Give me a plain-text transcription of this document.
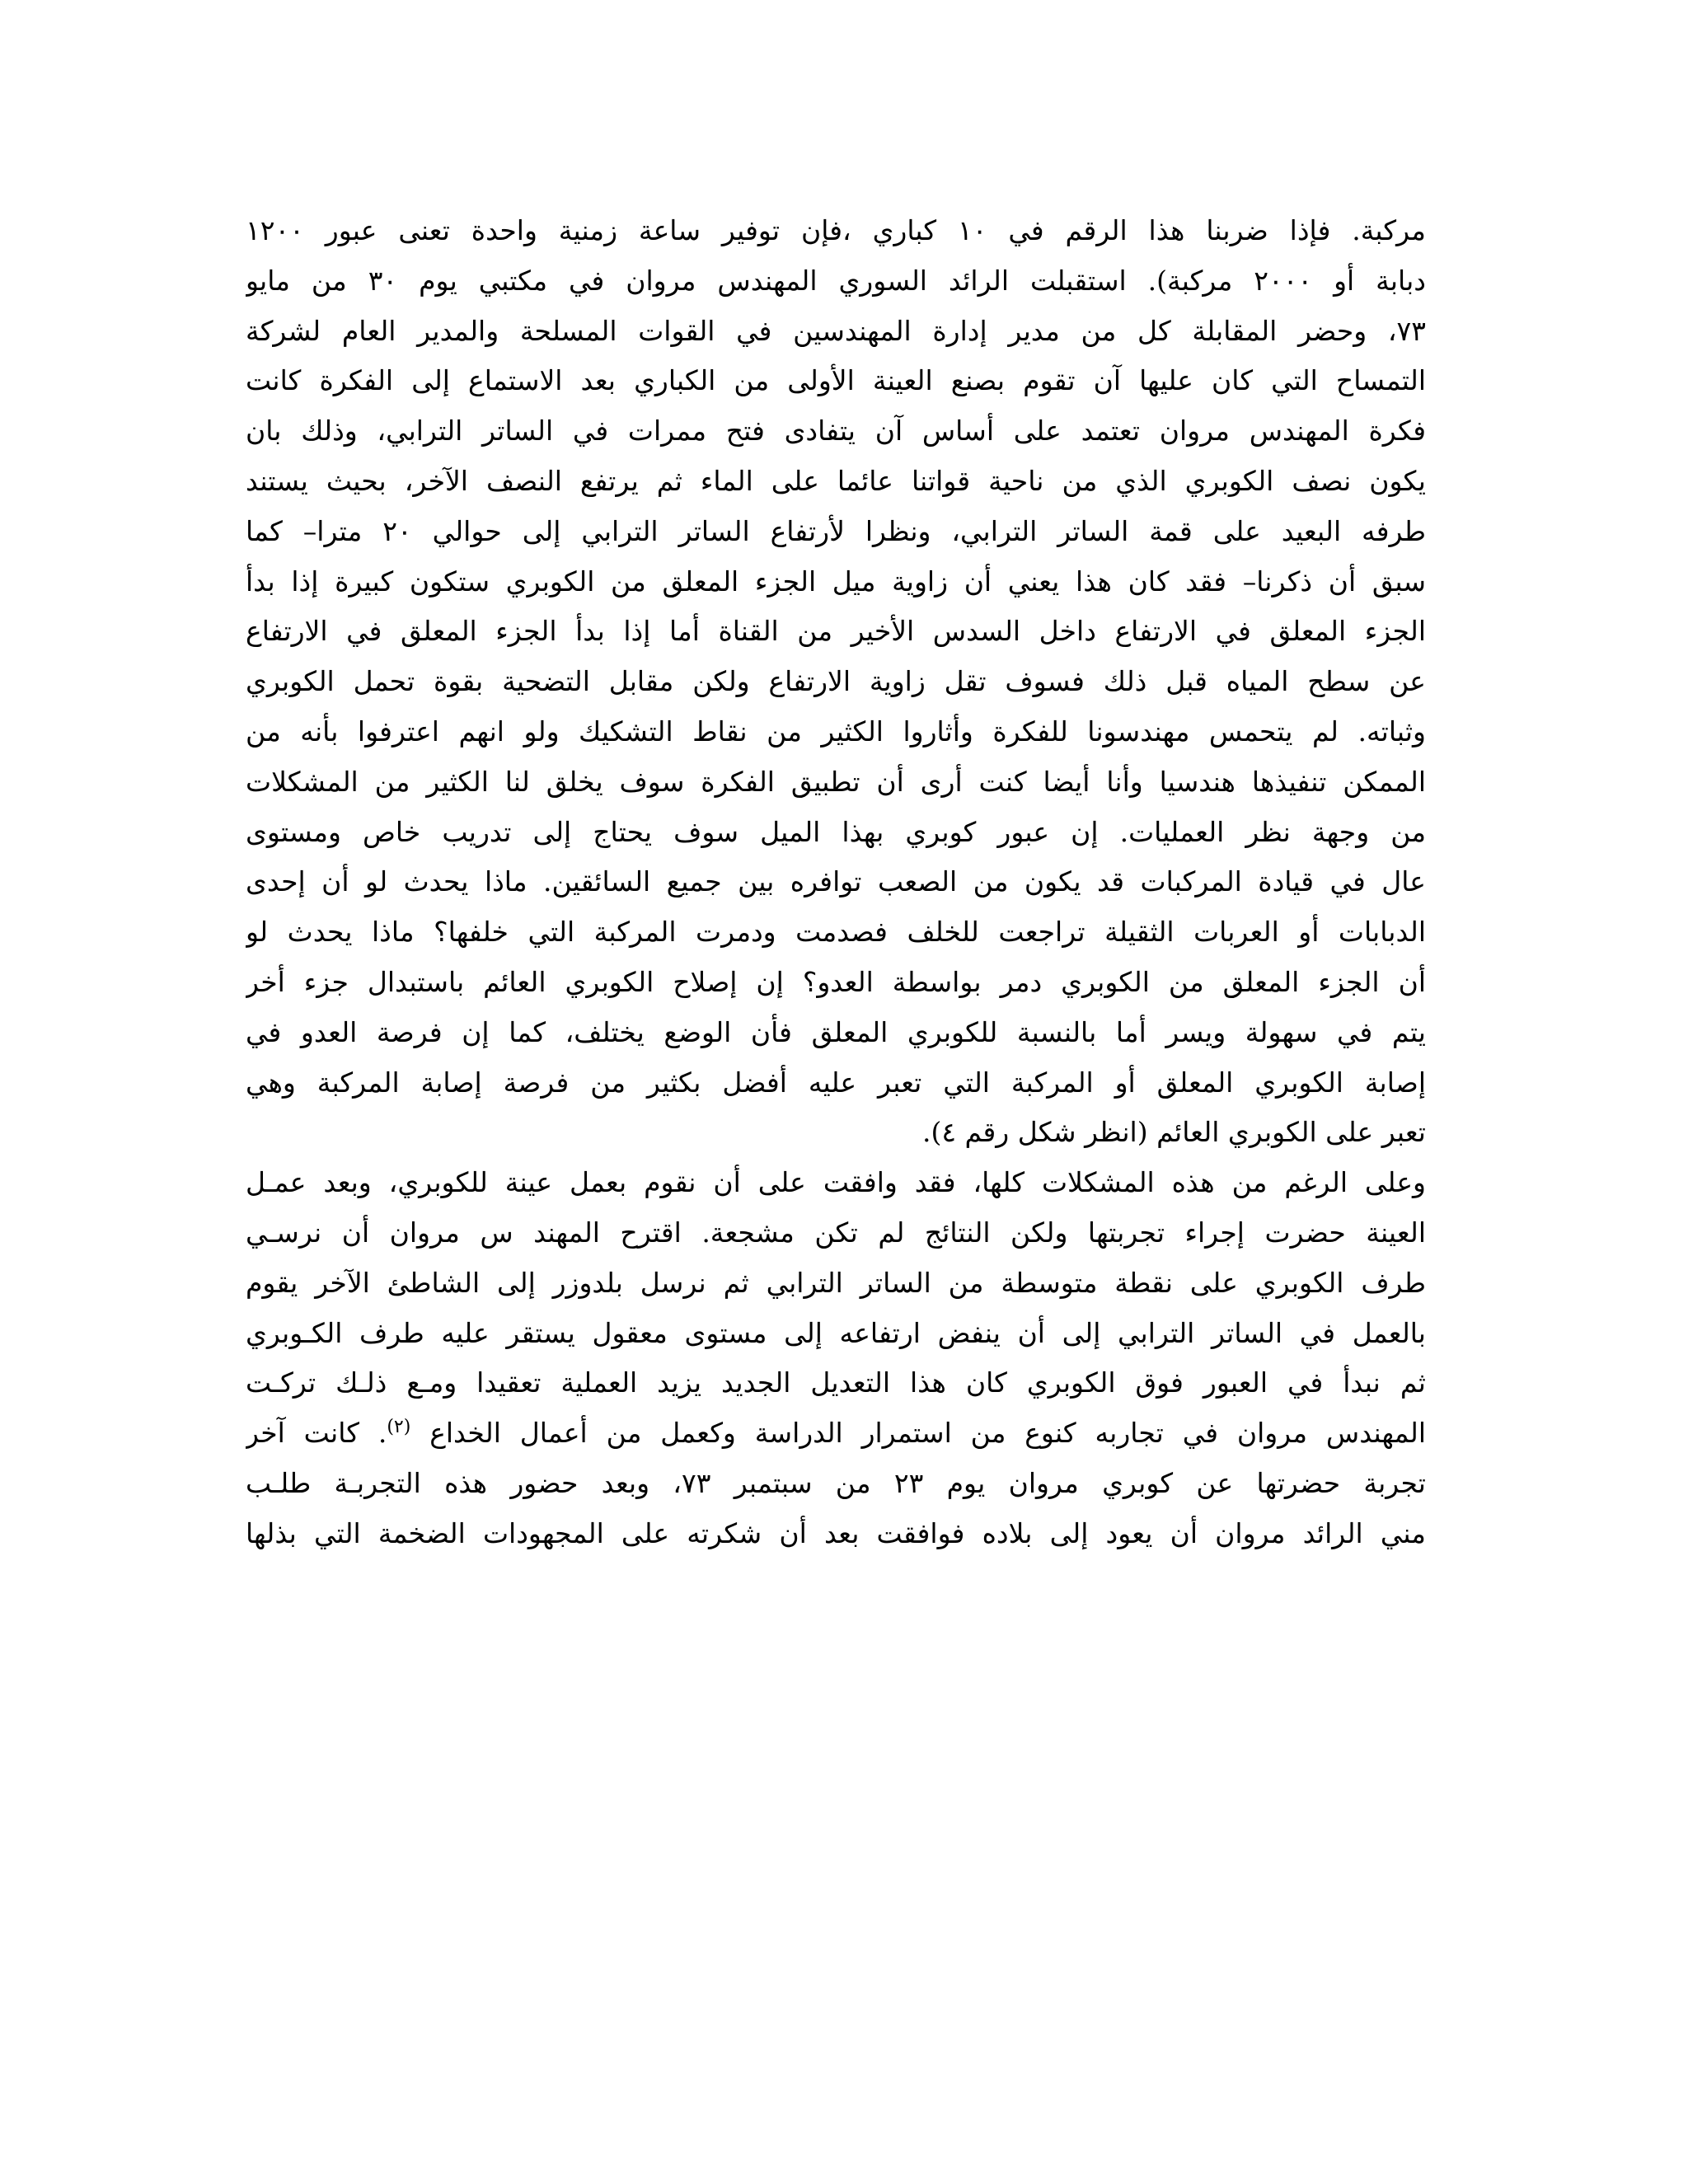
مركبة. فإذا ضربنا هذا الرقم في ١٠ كباري ،فإن توفير ساعة زمنية واحدة تعنى عبور ١٢٠٠
دبابة أو ٢٠٠٠ مركبة). استقبلت الرائد السوري المهندس مروان في مكتبي يوم ٣٠ من مايو
٧٣، وحضر المقابلة كل من مدير إدارة المهندسين في القوات المسلحة والمدير العام لشركة
التمساح التي كان عليها آن تقوم بصنع العينة الأولى من الكباري بعد الاستماع إلى الفكرة كانت
فكرة المهندس مروان تعتمد على أساس آن يتفادى فتح ممرات في الساتر الترابي، وذلك بان
يكون نصف الكوبري الذي من ناحية قواتنا عائما على الماء ثم يرتفع النصف الآخر، بحيث يستند
طرفه البعيد على قمة الساتر الترابي، ونظرا لأرتفاع الساتر الترابي إلى حوالي ٢٠ مترا– كما
سبق أن ذكرنا– فقد كان هذا يعني أن زاوية ميل الجزء المعلق من الكوبري ستكون كبيرة إذا بدأ
الجزء المعلق في الارتفاع داخل السدس الأخير من القناة أما إذا بدأ الجزء المعلق في الارتفاع
عن سطح المياه قبل ذلك فسوف تقل زاوية الارتفاع ولكن مقابل التضحية بقوة تحمل الكوبري
وثباته. لم يتحمس مهندسونا للفكرة وأثاروا الكثير من نقاط التشكيك ولو انهم اعترفوا بأنه من
الممكن تنفيذها هندسيا وأنا أيضا كنت أرى أن تطبيق الفكرة سوف يخلق لنا الكثير من المشكلات
من وجهة نظر العمليات. إن عبور كوبري بهذا الميل سوف يحتاج إلى تدريب خاص ومستوى
عال في قيادة المركبات قد يكون من الصعب توافره بين جميع السائقين. ماذا يحدث لو أن إحدى
الدبابات أو العربات الثقيلة تراجعت للخلف فصدمت ودمرت المركبة التي خلفها؟ ماذا يحدث لو
أن الجزء المعلق من الكوبري دمر بواسطة العدو؟ إن إصلاح الكوبري العائم باستبدال جزء أخر
يتم في سهولة ويسر أما بالنسبة للكوبري المعلق فأن الوضع يختلف، كما إن فرصة العدو في
إصابة الكوبري المعلق أو المركبة التي تعبر عليه أفضل بكثير من فرصة إصابة المركبة وهي
تعبر على الكوبري العائم (انظر شكل رقم ٤).
وعلى الرغم من هذه المشكلات كلها، فقد وافقت على أن نقوم بعمل عينة للكوبري، وبعد عمـل
العينة حضرت إجراء تجربتها ولكن النتائج لم تكن مشجعة. اقترح المهند س مروان أن نرسـي
طرف الكوبري على نقطة متوسطة من الساتر الترابي ثم نرسل بلدوزر إلى الشاطئ الآخر يقوم
بالعمل في الساتر الترابي إلى أن ينفض ارتفاعه إلى مستوى معقول يستقر عليه طرف الكـوبري
ثم نبدأ في العبور فوق الكوبري كان هذا التعديل الجديد يزيد العملية تعقيدا ومـع ذلـك تركـت
المهندس مروان في تجاربه كنوع من استمرار الدراسة وكعمل من أعمال الخداع $^{(٢)}$. كانت آخر
تجربة حضرتها عن كوبري مروان يوم ٢٣ من سبتمبر ٧٣، وبعد حضور هذه التجربـة طلـب
مني الرائد مروان أن يعود إلى بلاده فوافقت بعد أن شكرته على المجهودات الضخمة التي بذلها
